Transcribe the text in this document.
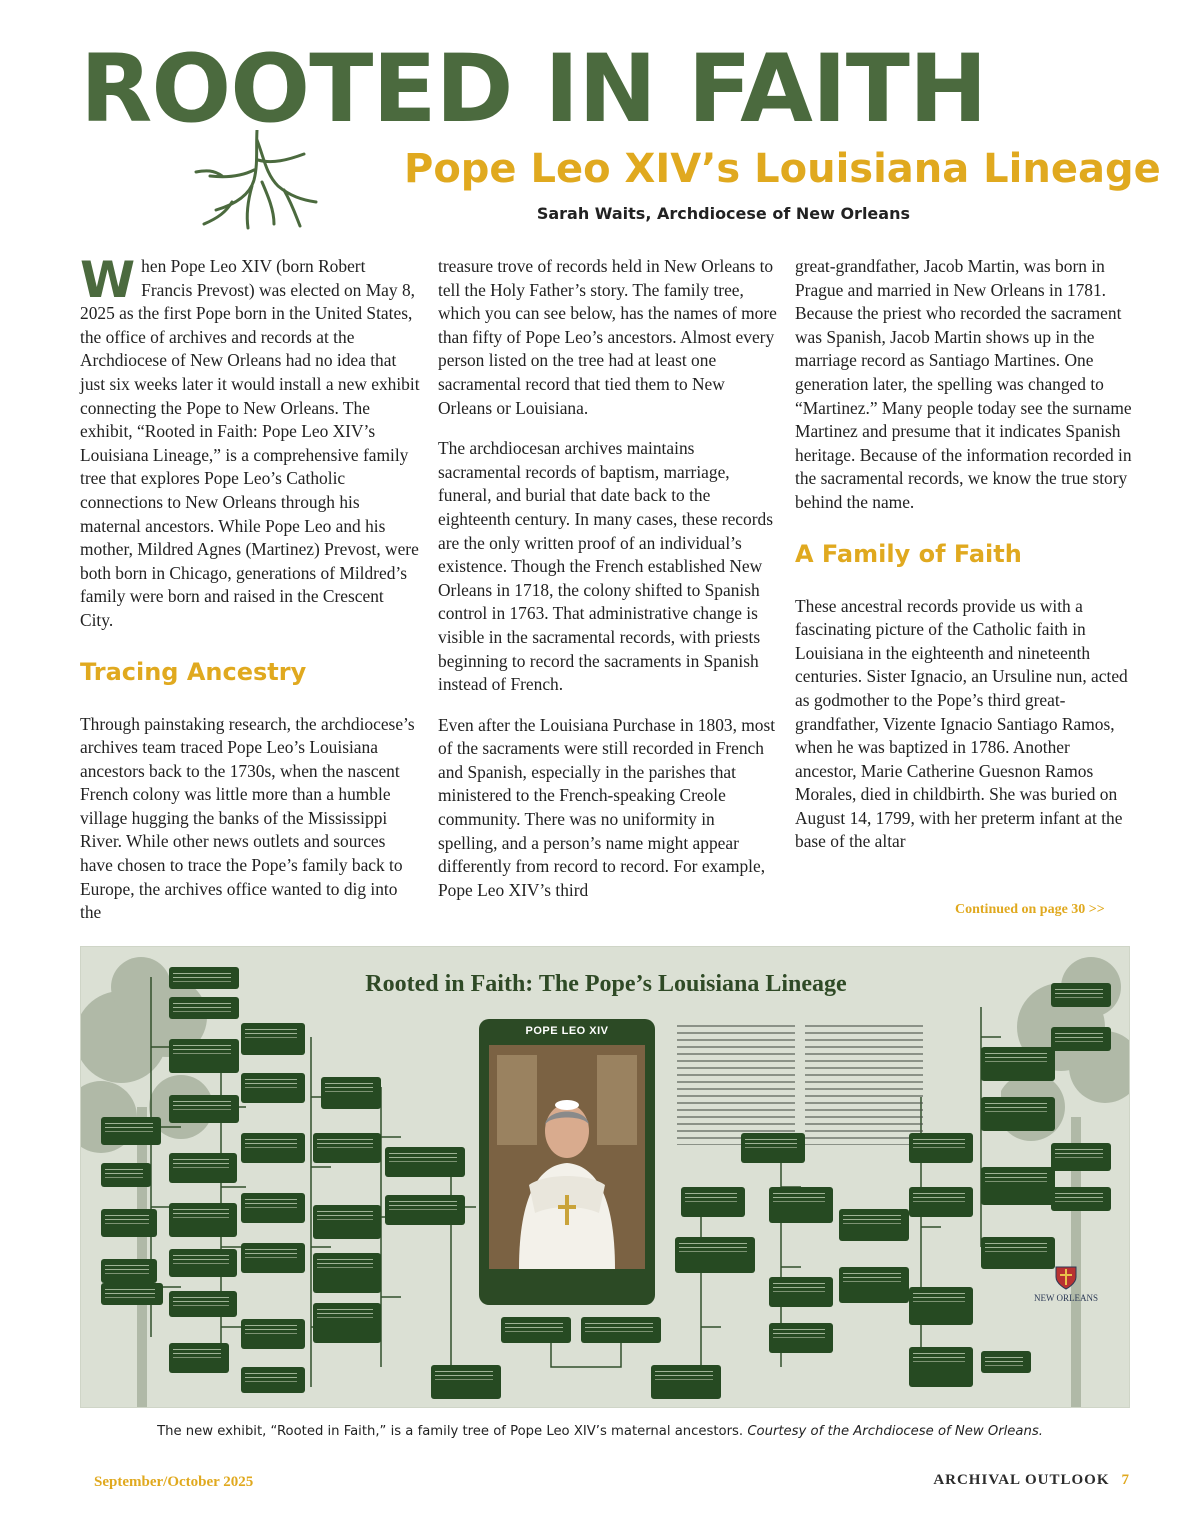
ROOTED IN FAITH
Pope Leo XIV’s Louisiana Lineage
Sarah Waits, Archdiocese of New Orleans

When Pope Leo XIV (born Robert Francis Prevost) was elected on May 8, 2025 as the first Pope born in the United States, the office of archives and records at the Archdiocese of New Orleans had no idea that just six weeks later it would install a new exhibit connecting the Pope to New Orleans. The exhibit, “Rooted in Faith: Pope Leo XIV’s Louisiana Lineage,” is a comprehensive family tree that explores Pope Leo’s Catholic connections to New Orleans through his maternal ancestors. While Pope Leo and his mother, Mildred Agnes (Martinez) Prevost, were both born in Chicago, generations of Mildred’s family were born and raised in the Crescent City.

Tracing Ancestry

Through painstaking research, the archdiocese’s archives team traced Pope Leo’s Louisiana ancestors back to the 1730s, when the nascent French colony was little more than a humble village hugging the banks of the Mississippi River. While other news outlets and sources have chosen to trace the Pope’s family back to Europe, the archives office wanted to dig into the

treasure trove of records held in New Orleans to tell the Holy Father’s story. The family tree, which you can see below, has the names of more than fifty of Pope Leo’s ancestors. Almost every person listed on the tree had at least one sacramental record that tied them to New Orleans or Louisiana.

The archdiocesan archives maintains sacramental records of baptism, marriage, funeral, and burial that date back to the eighteenth century. In many cases, these records are the only written proof of an individual’s existence. Though the French established New Orleans in 1718, the colony shifted to Spanish control in 1763. That administrative change is visible in the sacramental records, with priests beginning to record the sacraments in Spanish instead of French.

Even after the Louisiana Purchase in 1803, most of the sacraments were still recorded in French and Spanish, especially in the parishes that ministered to the French-speaking Creole community. There was no uniformity in spelling, and a person’s name might appear differently from record to record. For example, Pope Leo XIV’s third

great-grandfather, Jacob Martin, was born in Prague and married in New Orleans in 1781. Because the priest who recorded the sacrament was Spanish, Jacob Martin shows up in the marriage record as Santiago Martines. One generation later, the spelling was changed to “Martinez.” Many people today see the surname Martinez and presume that it indicates Spanish heritage. Because of the information recorded in the sacramental records, we know the true story behind the name.

A Family of Faith

These ancestral records provide us with a fascinating picture of the Catholic faith in Louisiana in the eighteenth and nineteenth centuries. Sister Ignacio, an Ursuline nun, acted as godmother to the Pope’s third great-grandfather, Vizente Ignacio Santiago Ramos, when he was baptized in 1786. Another ancestor, Marie Catherine Guesnon Ramos Morales, died in childbirth. She was buried on August 14, 1799, with her preterm infant at the base of the altar

Continued on page 30 >>
Rooted in Faith: The Pope’s Louisiana Lineage
POPE LEO XIV
NEW ORLEANS
The new exhibit, “Rooted in Faith,” is a family tree of Pope Leo XIV’s maternal ancestors. Courtesy of the Archdiocese of New Orleans.
September/October 2025	ARCHIVAL OUTLOOK 7
